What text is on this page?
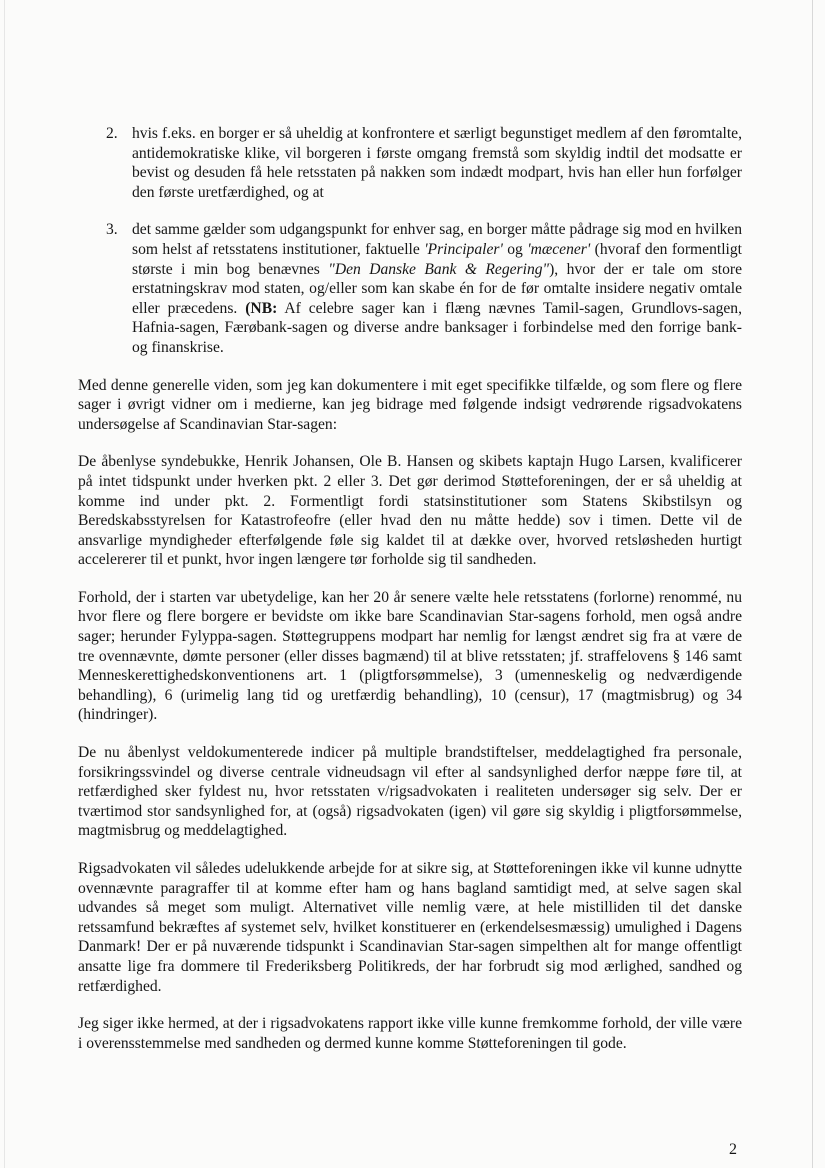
2. hvis f.eks. en borger er så uheldig at konfrontere et særligt begunstiget medlem af den føromtalte, antidemokratiske klike, vil borgeren i første omgang fremstå som skyldig indtil det modsatte er bevist og desuden få hele retsstaten på nakken som indædt modpart, hvis han eller hun forfølger den første uretfærdighed, og at

3. det samme gælder som udgangspunkt for enhver sag, en borger måtte pådrage sig mod en hvilken som helst af retsstatens institutioner, faktuelle 'Principaler' og 'mæcener' (hvoraf den formentligt største i min bog benævnes "Den Danske Bank & Regering"), hvor der er tale om store erstatningskrav mod staten, og/eller som kan skabe én for de før omtalte insidere negativ omtale eller præcedens. (NB: Af celebre sager kan i flæng nævnes Tamil-sagen, Grundlovs-sagen, Hafnia-sagen, Færøbank-sagen og diverse andre banksager i forbindelse med den forrige bank- og finanskrise.

Med denne generelle viden, som jeg kan dokumentere i mit eget specifikke tilfælde, og som flere og flere sager i øvrigt vidner om i medierne, kan jeg bidrage med følgende indsigt vedrørende rigsadvokatens undersøgelse af Scandinavian Star-sagen:

De åbenlyse syndebukke, Henrik Johansen, Ole B. Hansen og skibets kaptajn Hugo Larsen, kvalificerer på intet tidspunkt under hverken pkt. 2 eller 3. Det gør derimod Støtteforeningen, der er så uheldig at komme ind under pkt. 2. Formentligt fordi statsinstitutioner som Statens Skibstilsyn og Beredskabsstyrelsen for Katastrofeofre (eller hvad den nu måtte hedde) sov i timen. Dette vil de ansvarlige myndigheder efterfølgende føle sig kaldet til at dække over, hvorved retsløsheden hurtigt accelererer til et punkt, hvor ingen længere tør forholde sig til sandheden.

Forhold, der i starten var ubetydelige, kan her 20 år senere vælte hele retsstatens (forlorne) renommé, nu hvor flere og flere borgere er bevidste om ikke bare Scandinavian Star-sagens forhold, men også andre sager; herunder Fylyppa-sagen. Støttegruppens modpart har nemlig for længst ændret sig fra at være de tre ovennævnte, dømte personer (eller disses bagmænd) til at blive retsstaten; jf. straffelovens § 146 samt Menneskerettighedskonventionens art. 1 (pligtforsømmelse), 3 (umenneskelig og nedværdigende behandling), 6 (urimelig lang tid og uretfærdig behandling), 10 (censur), 17 (magtmisbrug) og 34 (hindringer).

De nu åbenlyst veldokumenterede indicer på multiple brandstiftelser, meddelagtighed fra personale, forsikringssvindel og diverse centrale vidneudsagn vil efter al sandsynlighed derfor næppe føre til, at retfærdighed sker fyldest nu, hvor retsstaten v/rigsadvokaten i realiteten undersøger sig selv. Der er tværtimod stor sandsynlighed for, at (også) rigsadvokaten (igen) vil gøre sig skyldig i pligtforsømmelse, magtmisbrug og meddelagtighed.

Rigsadvokaten vil således udelukkende arbejde for at sikre sig, at Støtteforeningen ikke vil kunne udnytte ovennævnte paragraffer til at komme efter ham og hans bagland samtidigt med, at selve sagen skal udvandes så meget som muligt. Alternativet ville nemlig være, at hele mistilliden til det danske retssamfund bekræftes af systemet selv, hvilket konstituerer en (erkendelsesmæssig) umulighed i Dagens Danmark! Der er på nuværende tidspunkt i Scandinavian Star-sagen simpelthen alt for mange offentligt ansatte lige fra dommere til Frederiksberg Politikreds, der har forbrudt sig mod ærlighed, sandhed og retfærdighed.

Jeg siger ikke hermed, at der i rigsadvokatens rapport ikke ville kunne fremkomme forhold, der ville være i overensstemmelse med sandheden og dermed kunne komme Støtteforeningen til gode.

2
